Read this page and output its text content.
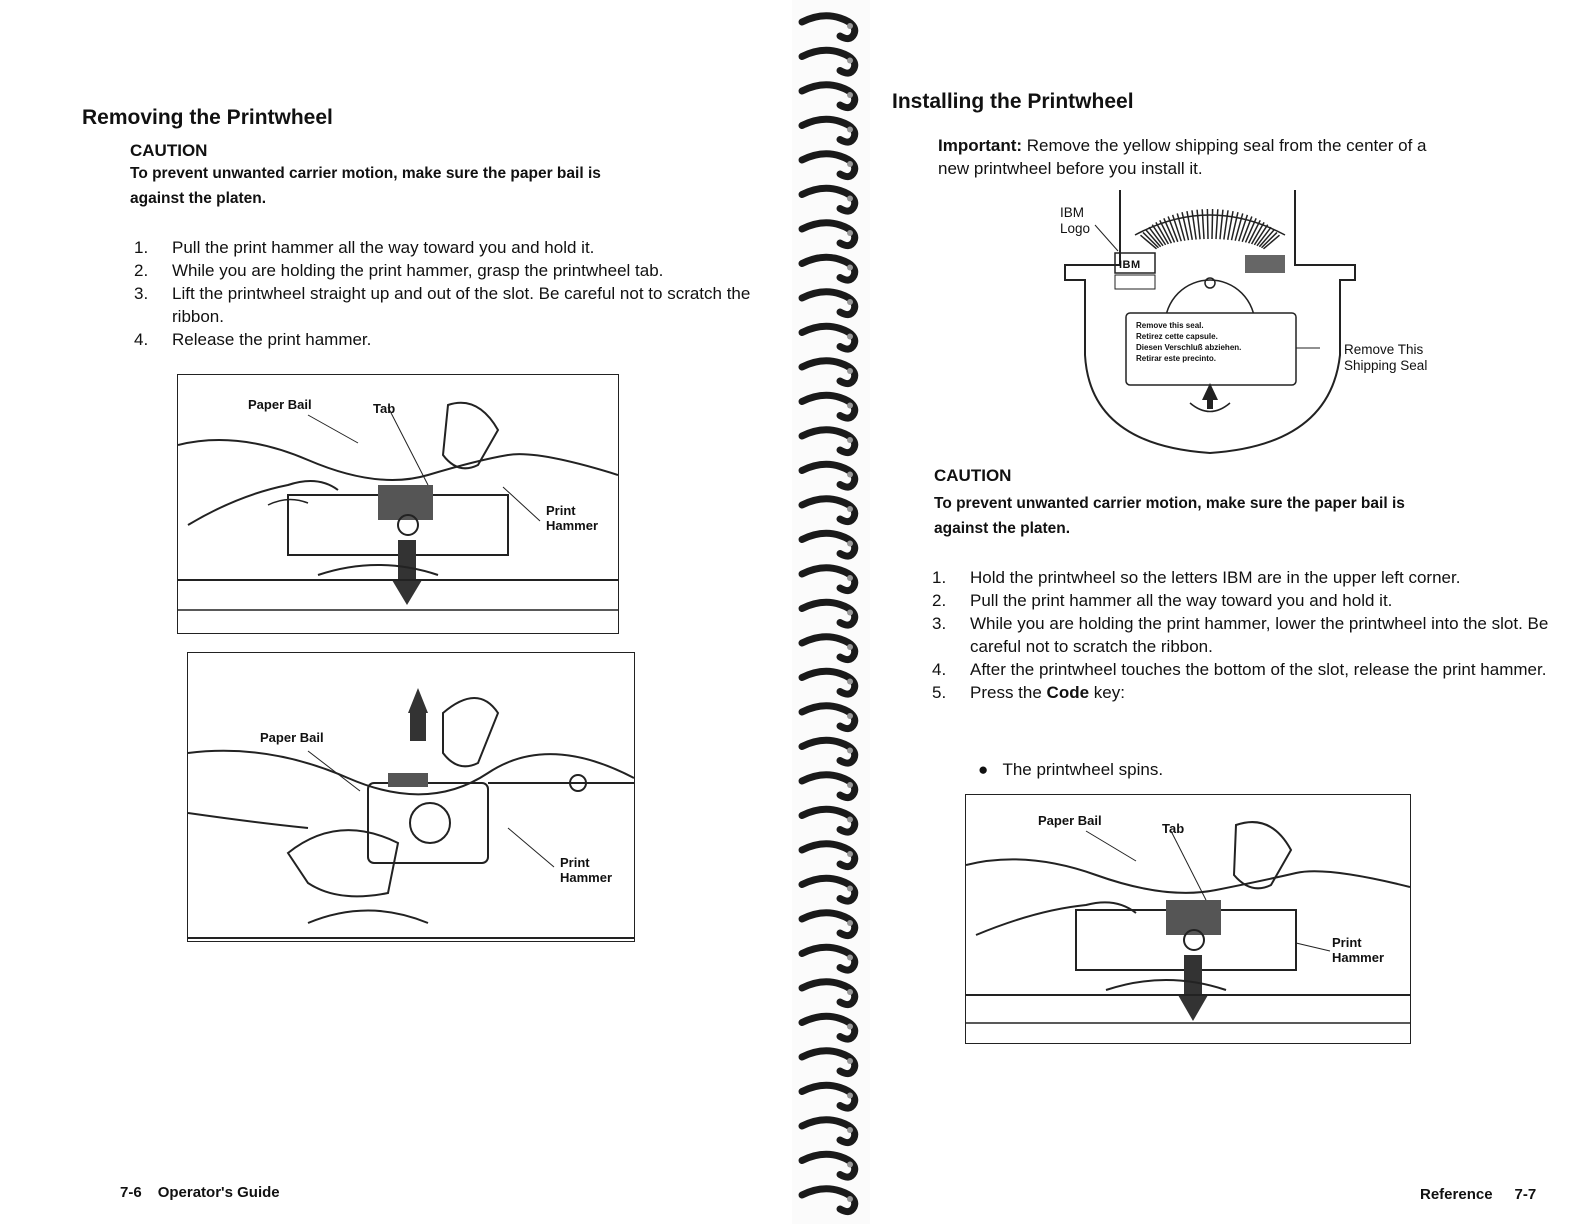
Removing the Printwheel
CAUTION
To prevent unwanted carrier motion, make sure the paper bail is
against the platen.
1. Pull the print hammer all the way toward you and hold it.
2. While you are holding the print hammer, grasp the printwheel tab.
3. Lift the printwheel straight up and out of the slot. Be careful not to scratch the ribbon.
4. Release the print hammer.
Paper Bail	Tab
Print
Hammer
Paper Bail
Print
Hammer
7-6 Operator's Guide
Installing the Printwheel
Important: Remove the yellow shipping seal from the center of a
new printwheel before you install it.
IBM
Logo
IBM
Remove this seal.
Retirez cette capsule.
Diesen Verschluß abziehen.
Retirar este precinto.
Remove This
Shipping Seal
CAUTION
To prevent unwanted carrier motion, make sure the paper bail is
against the platen.
1. Hold the printwheel so the letters IBM are in the upper left corner.
2. Pull the print hammer all the way toward you and hold it.
3. While you are holding the print hammer, lower the printwheel into the slot. Be careful not to scratch the ribbon.
4. After the printwheel touches the bottom of the slot, release the print hammer.
5. Press the Code key:
●   The printwheel spins.
Paper Bail
Tab
Print
Hammer
Reference 7-7
